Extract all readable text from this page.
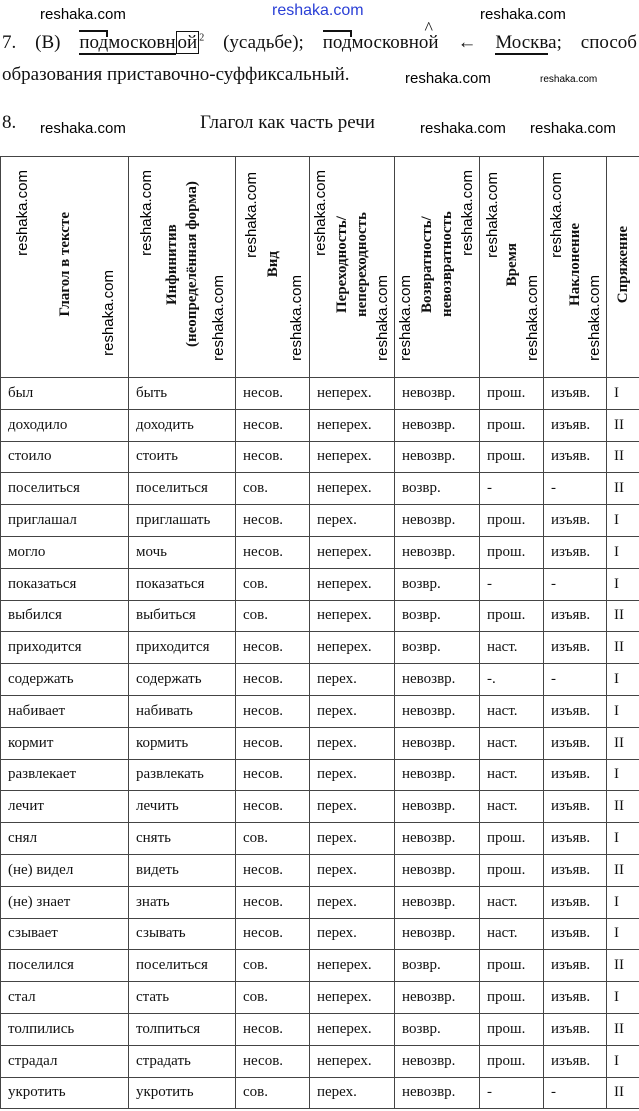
7. (В) подмосковн ой $^2$ (усадьбе); подмосковн^ ой ← Москва; способ
образования приставочно-суффиксальный.
8.	Глагол как часть речи
Глагол в тексте	Инфинитив (неопределённая форма)	Вид	Переходность/ непереходность	Возвратность/ невозвратность	Время	Наклонение	Спряжение
был	быть	несов.	неперех.	невозвр.	прош.	изъяв.	I
доходило	доходить	несов.	неперех.	невозвр.	прош.	изъяв.	II
стоило	стоить	несов.	неперех.	невозвр.	прош.	изъяв.	II
поселиться	поселиться	сов.	неперех.	возвр.	-	-	II
приглашал	приглашать	несов.	перех.	невозвр.	прош.	изъяв.	I
могло	мочь	несов.	неперех.	невозвр.	прош.	изъяв.	I
показаться	показаться	сов.	неперех.	возвр.	-	-	I
выбился	выбиться	сов.	неперех.	возвр.	прош.	изъяв.	II
приходится	приходится	несов.	неперех.	возвр.	наст.	изъяв.	II
содержать	содержать	несов.	перех.	невозвр.	-.	-	I
набивает	набивать	несов.	перех.	невозвр.	наст.	изъяв.	I
кормит	кормить	несов.	перех.	невозвр.	наст.	изъяв.	II
развлекает	развлекать	несов.	перех.	невозвр.	наст.	изъяв.	I
лечит	лечить	несов.	перех.	невозвр.	наст.	изъяв.	II
снял	снять	сов.	перех.	невозвр.	прош.	изъяв.	I
(не) видел	видеть	несов.	перех.	невозвр.	прош.	изъяв.	II
(не) знает	знать	несов.	перех.	невозвр.	наст.	изъяв.	I
сзывает	сзывать	несов.	перех.	невозвр.	наст.	изъяв.	I
поселился	поселиться	сов.	неперех.	возвр.	прош.	изъяв.	II
стал	стать	сов.	неперех.	невозвр.	прош.	изъяв.	I
толпились	толпиться	несов.	неперех.	возвр.	прош.	изъяв.	II
страдал	страдать	несов.	неперех.	невозвр.	прош.	изъяв.	I
укротить	укротить	сов.	перех.	невозвр.	-	-	II
reshaka.com
reshaka.com	reshaka.com
reshaka.com	reshaka.com
reshaka.com	reshaka.com reshaka.com
reshaka.com
reshaka.com
reshaka.com
reshaka.com
reshaka.com
reshaka.com
reshaka.com
reshaka.com reshaka.com
reshaka.com reshaka.com
reshaka.com
reshaka.com
reshaka.com
